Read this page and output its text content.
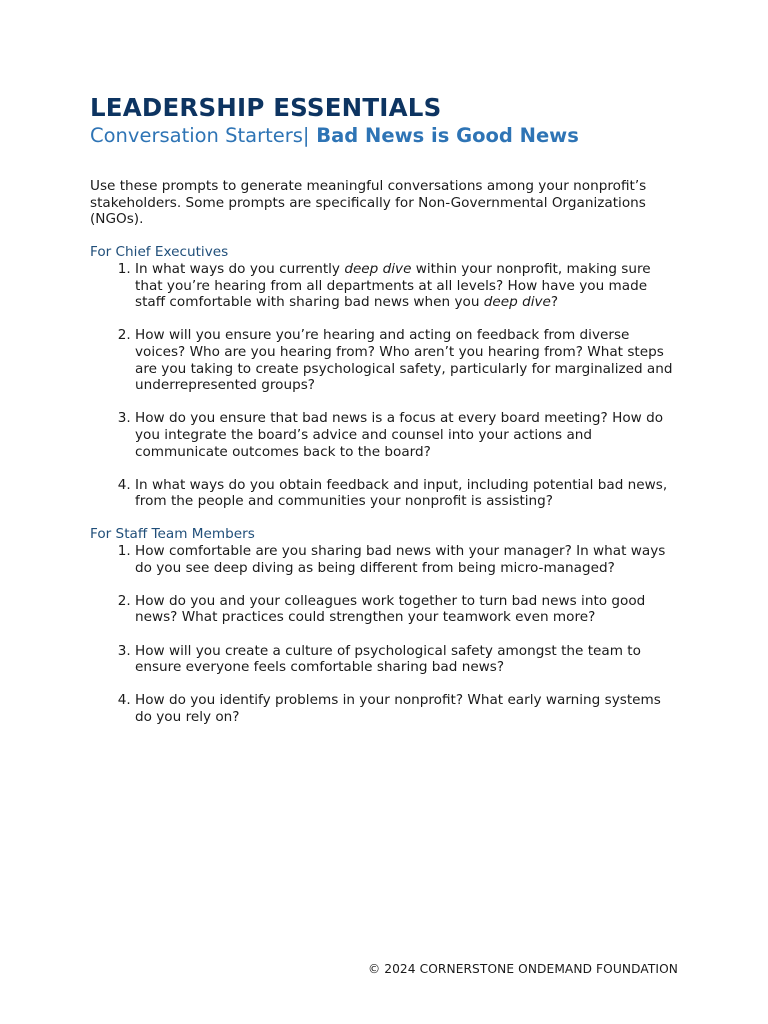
LEADERSHIP ESSENTIALS
Conversation Starters| Bad News is Good News

Use these prompts to generate meaningful conversations among your nonprofit’s stakeholders. Some prompts are specifically for Non-Governmental Organizations (NGOs).

For Chief Executives

1. In what ways do you currently deep dive within your nonprofit, making sure that you’re hearing from all departments at all levels? How have you made staff comfortable with sharing bad news when you deep dive?
2. How will you ensure you’re hearing and acting on feedback from diverse voices? Who are you hearing from? Who aren’t you hearing from? What steps are you taking to create psychological safety, particularly for marginalized and underrepresented groups?
3. How do you ensure that bad news is a focus at every board meeting? How do you integrate the board’s advice and counsel into your actions and communicate outcomes back to the board?
4. In what ways do you obtain feedback and input, including potential bad news, from the people and communities your nonprofit is assisting?

For Staff Team Members

1. How comfortable are you sharing bad news with your manager? In what ways do you see deep diving as being different from being micro-managed?
2. How do you and your colleagues work together to turn bad news into good news? What practices could strengthen your teamwork even more?
3. How will you create a culture of psychological safety amongst the team to ensure everyone feels comfortable sharing bad news?
4. How do you identify problems in your nonprofit? What early warning systems do you rely on?
© 2024 CORNERSTONE ONDEMAND FOUNDATION
